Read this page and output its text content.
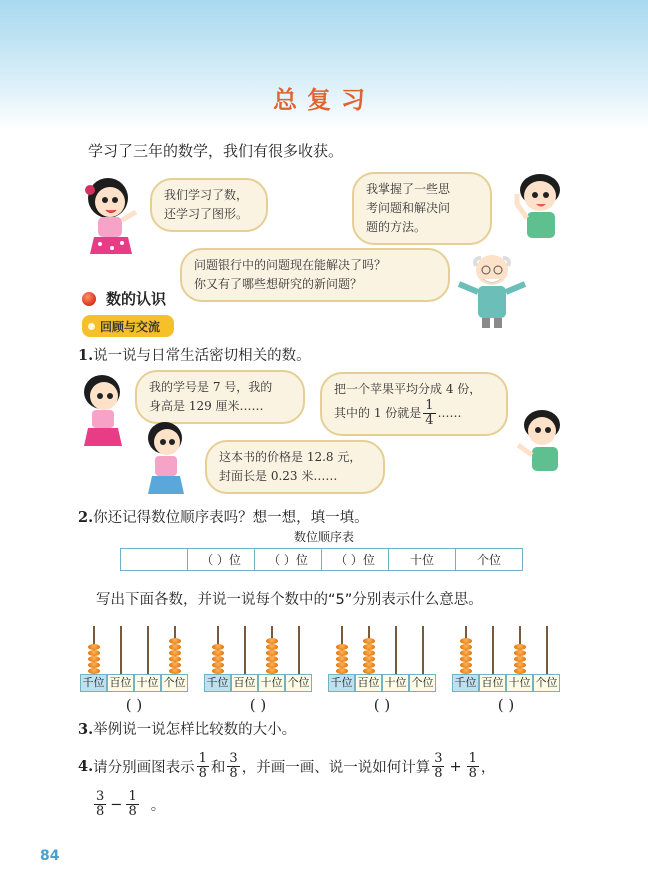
总复习
学习了三年的数学，我们有很多收获。
我们学习了数，
还学习了图形。
我掌握了一些思
考问题和解决问
题的方法。
问题银行中的问题现在能解决了吗？
你又有了哪些想研究的新问题？
数的认识
回顾与交流
1.说一说与日常生活密切相关的数。
我的学号是 7 号，我的
身高是 129 厘米……
把一个苹果平均分成 4 份，
其中的 1 份就是 $\frac{1}{4}$ ……
这本书的价格是 12.8 元，
封面长是 0.23 米……
2.你还记得数位顺序表吗？想一想，填一填。
数位顺序表
	（ ）位	（ ）位	（ ）位	十位	个位
写出下面各数，并说一说每个数中的“5”分别表示什么意思。
千位 百位 十位 个位
( )
千位 百位 十位 个位
( )
千位 百位 十位 个位
( )
千位 百位 十位 个位
( )
3.举例说一说怎样比较数的大小。
4. 请分别画图表示 $\frac{1}{8}$ 和 $\frac{3}{8}$ ，并画一画、说一说如何计算 $\frac{3}{8} + \frac{1}{8}$ ，
$\frac{3}{8} - \frac{1}{8}$ 。
84
